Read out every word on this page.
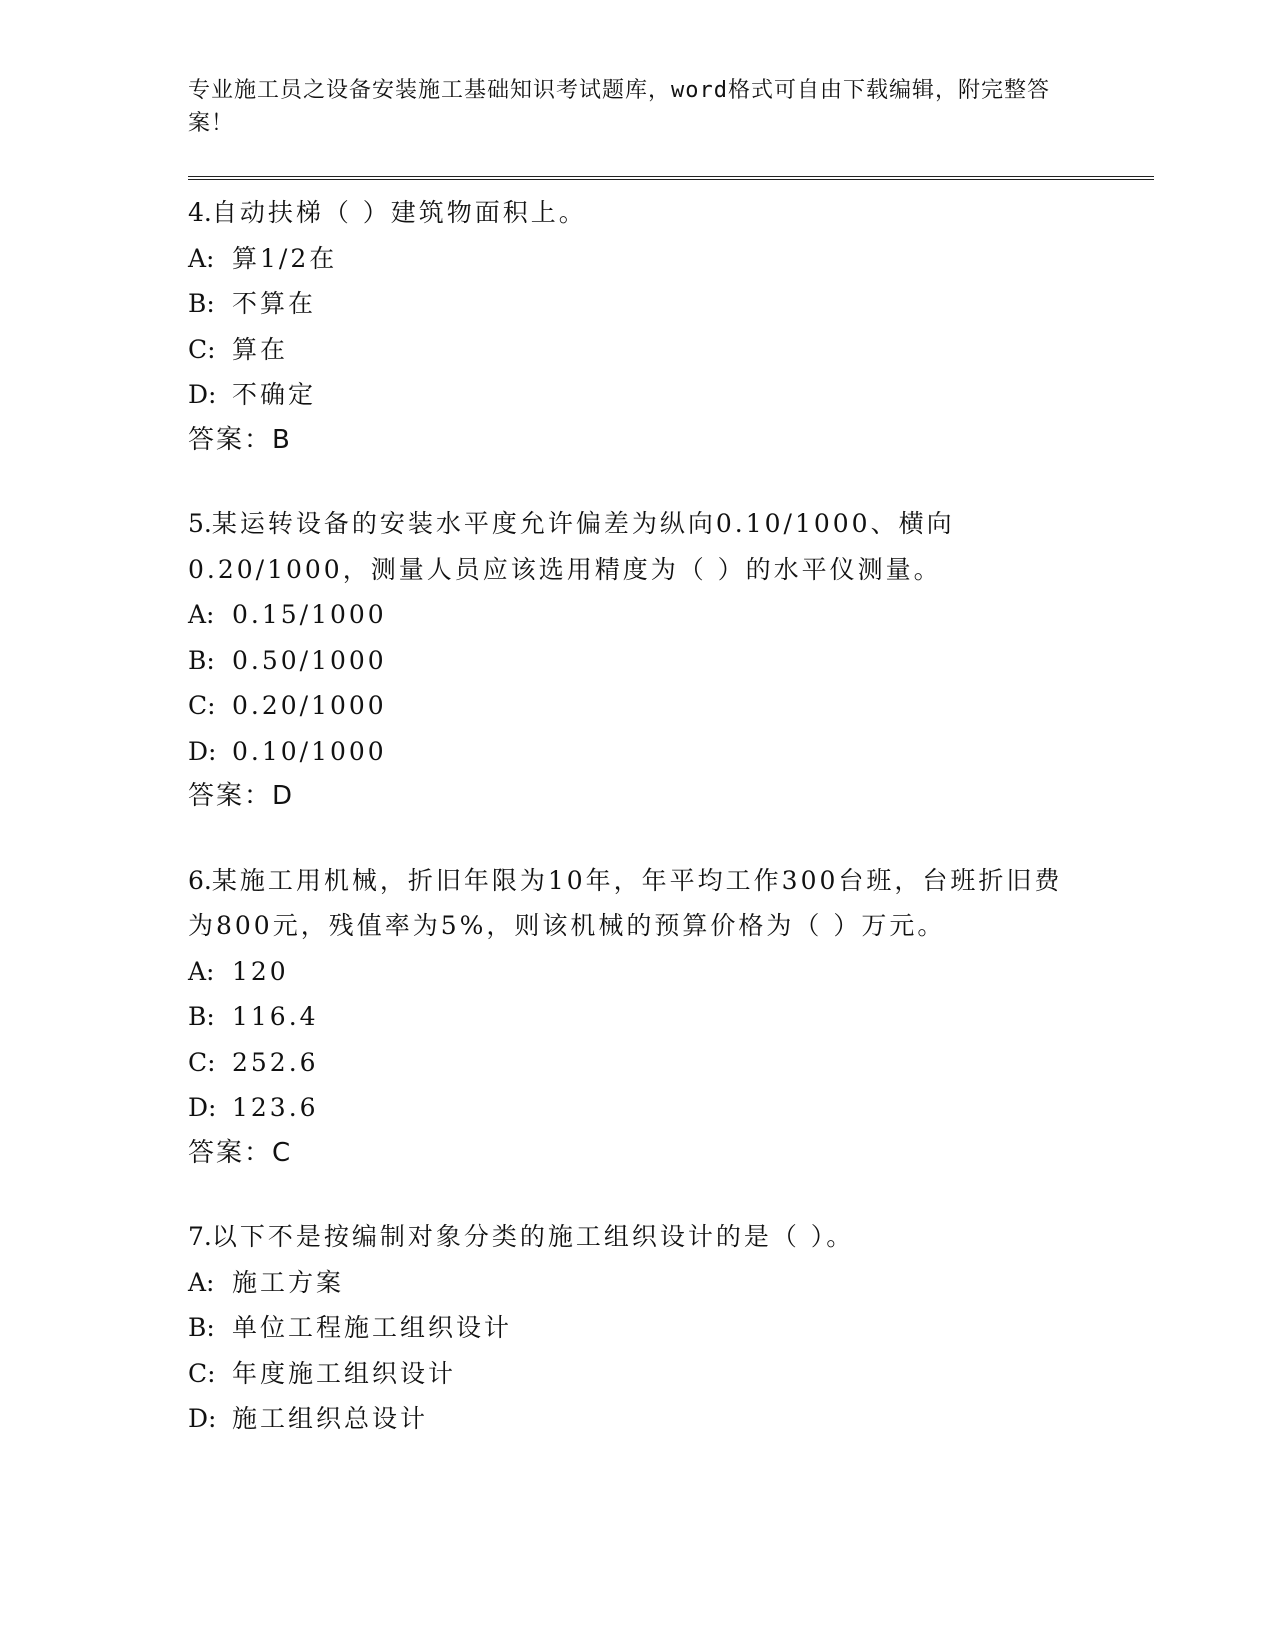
专业施工员之设备安装施工基础知识考试题库，word格式可自由下载编辑，附完整答案！
4.自动扶梯（ ）建筑物面积上。
A: 算1/2在
B: 不算在
C: 算在
D: 不确定
答案：B
5.某运转设备的安装水平度允许偏差为纵向0.10/1000、横向0.20/1000，测量人员应该选用精度为（ ）的水平仪测量。
A: 0.15/1000
B: 0.50/1000
C: 0.20/1000
D: 0.10/1000
答案：D
6.某施工用机械，折旧年限为10年，年平均工作300台班，台班折旧费为800元，残值率为5%，则该机械的预算价格为（ ）万元。
A: 120
B: 116.4
C: 252.6
D: 123.6
答案：C
7.以下不是按编制对象分类的施工组织设计的是（ ）。
A: 施工方案
B: 单位工程施工组织设计
C: 年度施工组织设计
D: 施工组织总设计
